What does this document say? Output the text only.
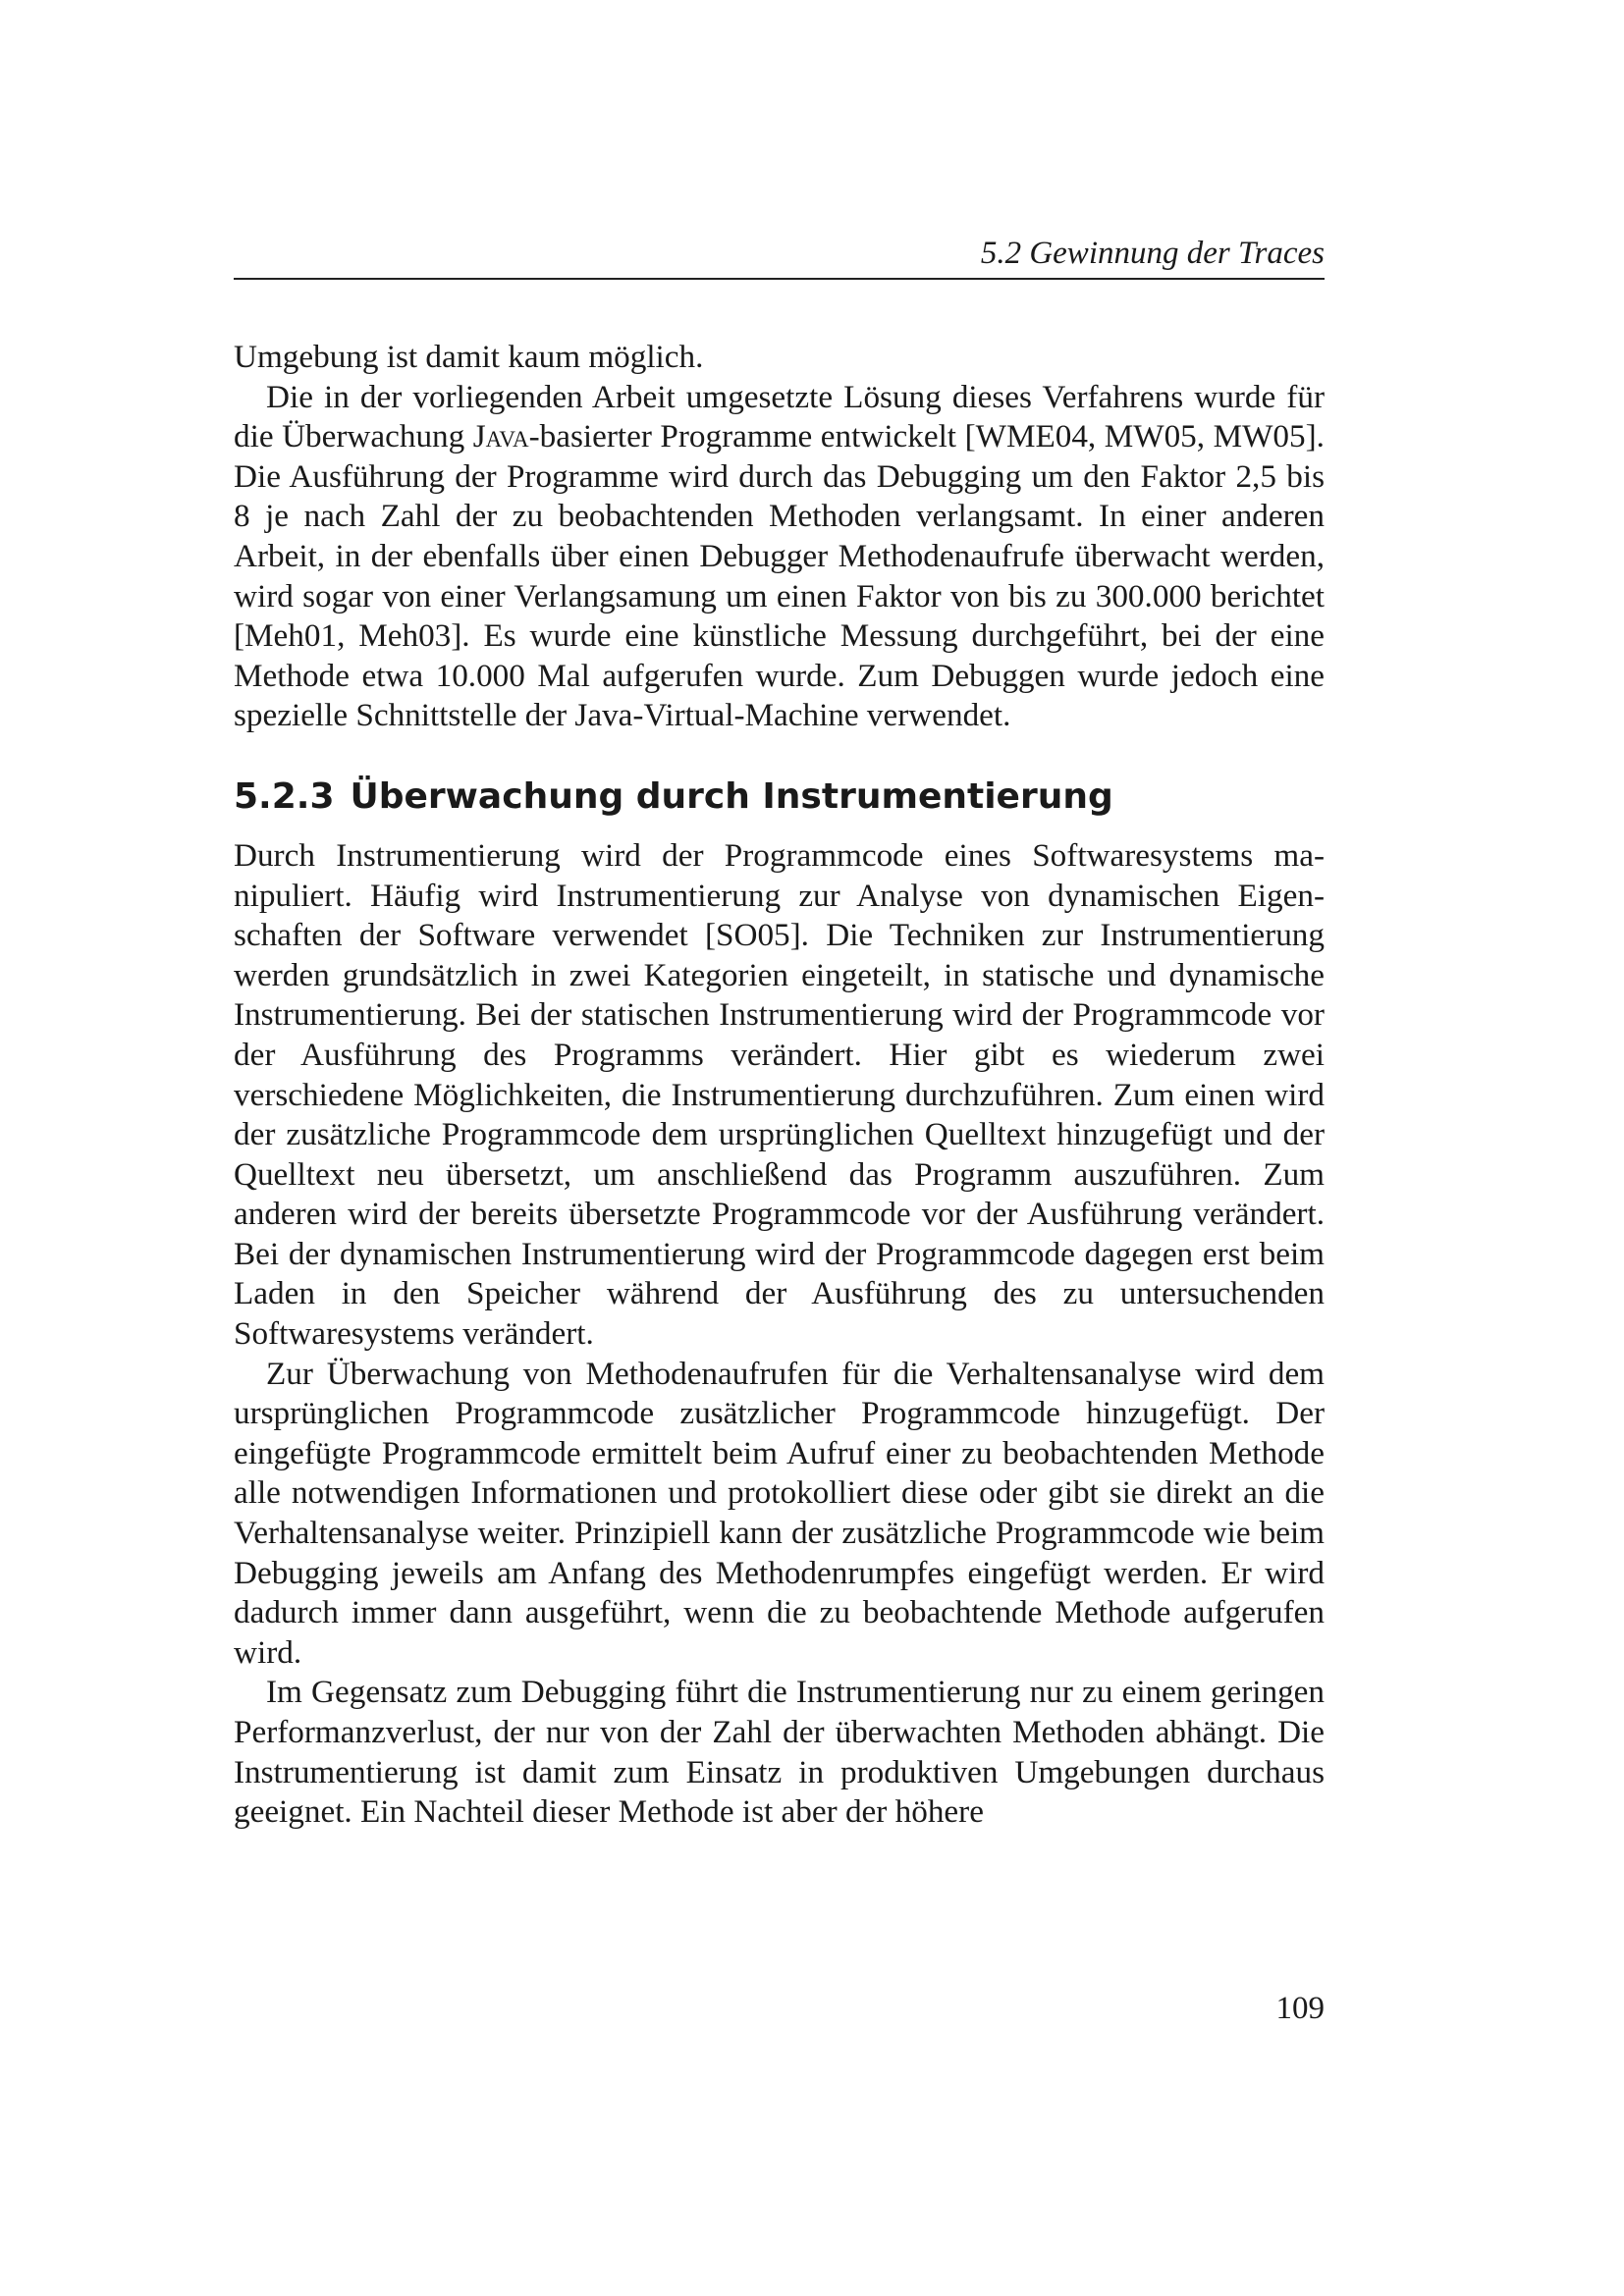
5.2 Gewinnung der Traces

Umgebung ist damit kaum möglich.

Die in der vorliegenden Arbeit umgesetzte Lösung dieses Verfahrens wurde für die Überwachung Java-basierter Programme entwickelt [WME04, MW05, MW05]. Die Ausführung der Programme wird durch das Debugging um den Faktor 2,5 bis 8 je nach Zahl der zu beobachtenden Methoden verlangsamt. In einer anderen Arbeit, in der ebenfalls über einen Debugger Methodenaufrufe überwacht werden, wird sogar von einer Verlangsamung um einen Faktor von bis zu 300.000 berichtet [Meh01, Meh03]. Es wurde eine künstliche Messung durchgeführt, bei der eine Methode etwa 10.000 Mal aufgerufen wurde. Zum Debuggen wurde jedoch eine spezielle Schnittstelle der Java-Virtual-Machine verwendet.

5.2.3 Überwachung durch Instrumentierung

Durch Instrumentierung wird der Programmcode eines Softwaresystems manipuliert. Häufig wird Instrumentierung zur Analyse von dynamischen Eigenschaften der Software verwendet [SO05]. Die Techniken zur Instrumentierung werden grundsätzlich in zwei Kategorien eingeteilt, in statische und dynamische Instrumentierung. Bei der statischen Instrumentierung wird der Programmcode vor der Ausführung des Programms verändert. Hier gibt es wiederum zwei verschiedene Möglichkeiten, die Instrumentierung durchzuführen. Zum einen wird der zusätzliche Programmcode dem ursprünglichen Quelltext hinzugefügt und der Quelltext neu übersetzt, um anschließend das Programm auszuführen. Zum anderen wird der bereits übersetzte Programmcode vor der Ausführung verändert. Bei der dynamischen Instrumentierung wird der Programmcode dagegen erst beim Laden in den Speicher während der Ausführung des zu untersuchenden Softwaresystems verändert.

Zur Überwachung von Methodenaufrufen für die Verhaltensanalyse wird dem ursprünglichen Programmcode zusätzlicher Programmcode hinzugefügt. Der eingefügte Programmcode ermittelt beim Aufruf einer zu beobachtenden Methode alle notwendigen Informationen und protokolliert diese oder gibt sie direkt an die Verhaltensanalyse weiter. Prinzipiell kann der zusätzliche Programmcode wie beim Debugging jeweils am Anfang des Methodenrumpfes eingefügt werden. Er wird dadurch immer dann ausgeführt, wenn die zu beobachtende Methode aufgerufen wird.

Im Gegensatz zum Debugging führt die Instrumentierung nur zu einem geringen Performanzverlust, der nur von der Zahl der überwachten Methoden abhängt. Die Instrumentierung ist damit zum Einsatz in produktiven Umgebungen durchaus geeignet. Ein Nachteil dieser Methode ist aber der höhere

109
